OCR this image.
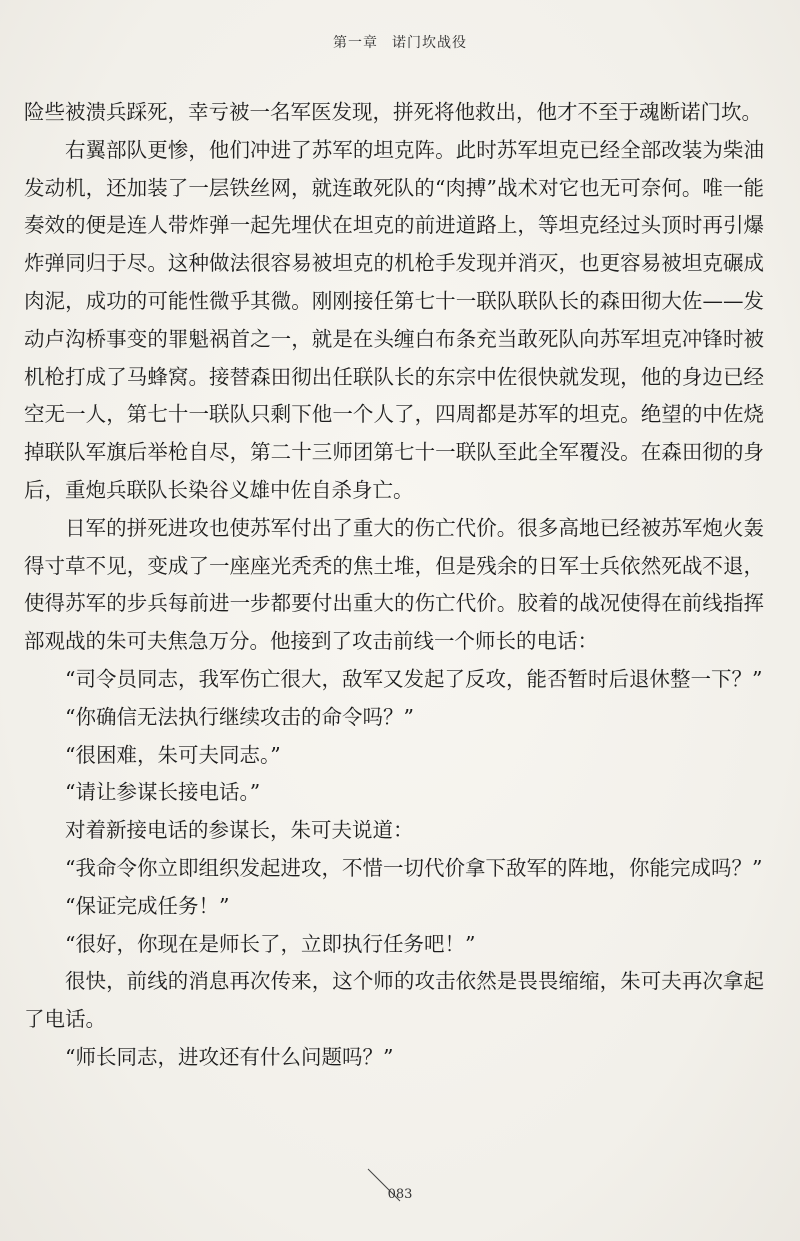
第一章 诺门坎战役

险些被溃兵踩死，幸亏被一名军医发现，拼死将他救出，他才不至于魂断诺门坎。

右翼部队更惨，他们冲进了苏军的坦克阵。此时苏军坦克已经全部改装为柴油发动机，还加装了一层铁丝网，就连敢死队的“肉搏”战术对它也无可奈何。唯一能奏效的便是连人带炸弹一起先埋伏在坦克的前进道路上，等坦克经过头顶时再引爆炸弹同归于尽。这种做法很容易被坦克的机枪手发现并消灭，也更容易被坦克碾成肉泥，成功的可能性微乎其微。刚刚接任第七十一联队联队长的森田彻大佐——发动卢沟桥事变的罪魁祸首之一，就是在头缠白布条充当敢死队向苏军坦克冲锋时被机枪打成了马蜂窝。接替森田彻出任联队长的东宗中佐很快就发现，他的身边已经空无一人，第七十一联队只剩下他一个人了，四周都是苏军的坦克。绝望的中佐烧掉联队军旗后举枪自尽，第二十三师团第七十一联队至此全军覆没。在森田彻的身后，重炮兵联队长染谷义雄中佐自杀身亡。

日军的拼死进攻也使苏军付出了重大的伤亡代价。很多高地已经被苏军炮火轰得寸草不见，变成了一座座光秃秃的焦土堆，但是残余的日军士兵依然死战不退，使得苏军的步兵每前进一步都要付出重大的伤亡代价。胶着的战况使得在前线指挥部观战的朱可夫焦急万分。他接到了攻击前线一个师长的电话：

“司令员同志，我军伤亡很大，敌军又发起了反攻，能否暂时后退休整一下？”

“你确信无法执行继续攻击的命令吗？”

“很困难，朱可夫同志。”

“请让参谋长接电话。”

对着新接电话的参谋长，朱可夫说道：

“我命令你立即组织发起进攻，不惜一切代价拿下敌军的阵地，你能完成吗？”

“保证完成任务！”

“很好，你现在是师长了，立即执行任务吧！”

很快，前线的消息再次传来，这个师的攻击依然是畏畏缩缩，朱可夫再次拿起了电话。

“师长同志，进攻还有什么问题吗？”

083
